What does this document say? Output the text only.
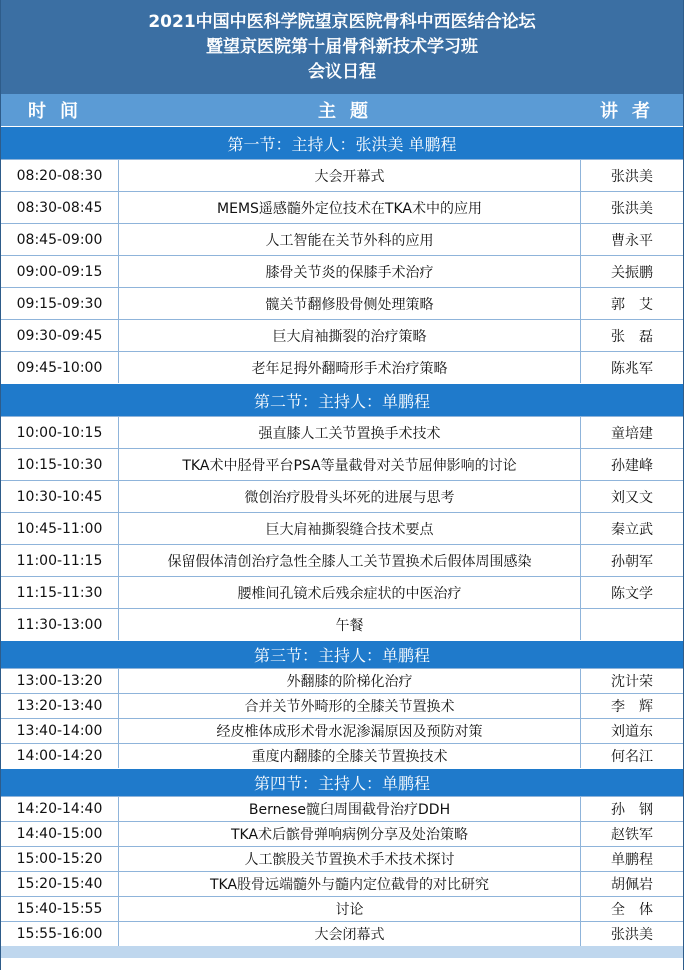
2021中国中医科学院望京医院骨科中西医结合论坛
暨望京医院第十届骨科新技术学习班
会议日程
时间	主题	讲者
第一节：主持人：张洪美 单鹏程
08:20-08:30	大会开幕式	张洪美
08:30-08:45	MEMS遥感髓外定位技术在TKA术中的应用	张洪美
08:45-09:00	人工智能在关节外科的应用	曹永平
09:00-09:15	膝骨关节炎的保膝手术治疗	关振鹏
09:15-09:30	髋关节翻修股骨侧处理策略	郭　艾
09:30-09:45	巨大肩袖撕裂的治疗策略	张　磊
09:45-10:00	老年足拇外翻畸形手术治疗策略	陈兆军
第二节：主持人：单鹏程
10:00-10:15	强直膝人工关节置换手术技术	童培建
10:15-10:30	TKA术中胫骨平台PSA等量截骨对关节屈伸影响的讨论	孙建峰
10:30-10:45	微创治疗股骨头坏死的进展与思考	刘又文
10:45-11:00	巨大肩袖撕裂缝合技术要点	秦立武
11:00-11:15	保留假体清创治疗急性全膝人工关节置换术后假体周围感染	孙朝军
11:15-11:30	腰椎间孔镜术后残余症状的中医治疗	陈文学
11:30-13:00	午餐
第三节：主持人：单鹏程
13:00-13:20	外翻膝的阶梯化治疗	沈计荣
13:20-13:40	合并关节外畸形的全膝关节置换术	李　辉
13:40-14:00	经皮椎体成形术骨水泥渗漏原因及预防对策	刘道东
14:00-14:20	重度内翻膝的全膝关节置换技术	何名江
第四节：主持人：单鹏程
14:20-14:40	Bernese髋臼周围截骨治疗DDH	孙　钢
14:40-15:00	TKA术后髌骨弹响病例分享及处治策略	赵铁军
15:00-15:20	人工髌股关节置换术手术技术探讨	单鹏程
15:20-15:40	TKA股骨远端髓外与髓内定位截骨的对比研究	胡佩岩
15:40-15:55	讨论	全　体
15:55-16:00	大会闭幕式	张洪美
